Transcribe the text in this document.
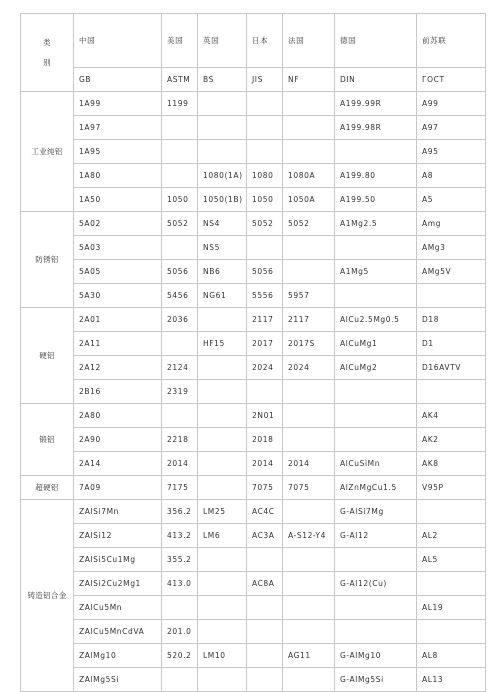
类
别	中国	美国	英国	日本	法国	德国	前苏联
	GB	ASTM	BS	JIS	NF	DIN	ГОСТ
工业纯铝	1A99	1199				A199.99R	A99
	1A97					A199.98R	A97
	1A95						A95
	1A80		1080(1A)	1080	1080A	A199.80	A8
	1A50	1050	1050(1B)	1050	1050A	A199.50	A5
防锈铝	5A02	5052	NS4	5052	5052	A1Mg2.5	Amg
	5A03		NS5				AMg3
	5A05	5056	NB6	5056		A1Mg5	AMg5V
	5A30	5456	NG61	5556	5957		
硬铝	2A01	2036		2117	2117	AlCu2.5Mg0.5	D18
	2A11		HF15	2017	2017S	AlCuMg1	D1
	2A12	2124		2024	2024	AlCuMg2	D16AVTV
	2B16	2319					
锻铝	2A80			2N01			AK4
	2A90	2218		2018			AK2
	2A14	2014		2014	2014	AlCuSiMn	AK8
超硬铝	7A09	7175		7075	7075	AlZnMgCu1.5	V95P
铸造铝合金	ZAlSi7Mn	356.2	LM25	AC4C		G-AlSi7Mg	
	ZAlSi12	413.2	LM6	AC3A	A-S12-Y4	G-Al12	AL2
	ZAlSi5Cu1Mg	355.2					AL5
	ZAlSi2Cu2Mg1	413.0		AC8A		G-Al12(Cu)	
	ZAlCu5Mn						AL19
	ZAlCu5MnCdVA	201.0					
	ZAlMg10	520.2	LM10		AG11	G-AlMg10	AL8
	ZAlMg5Si					G-AlMg5Si	AL13
